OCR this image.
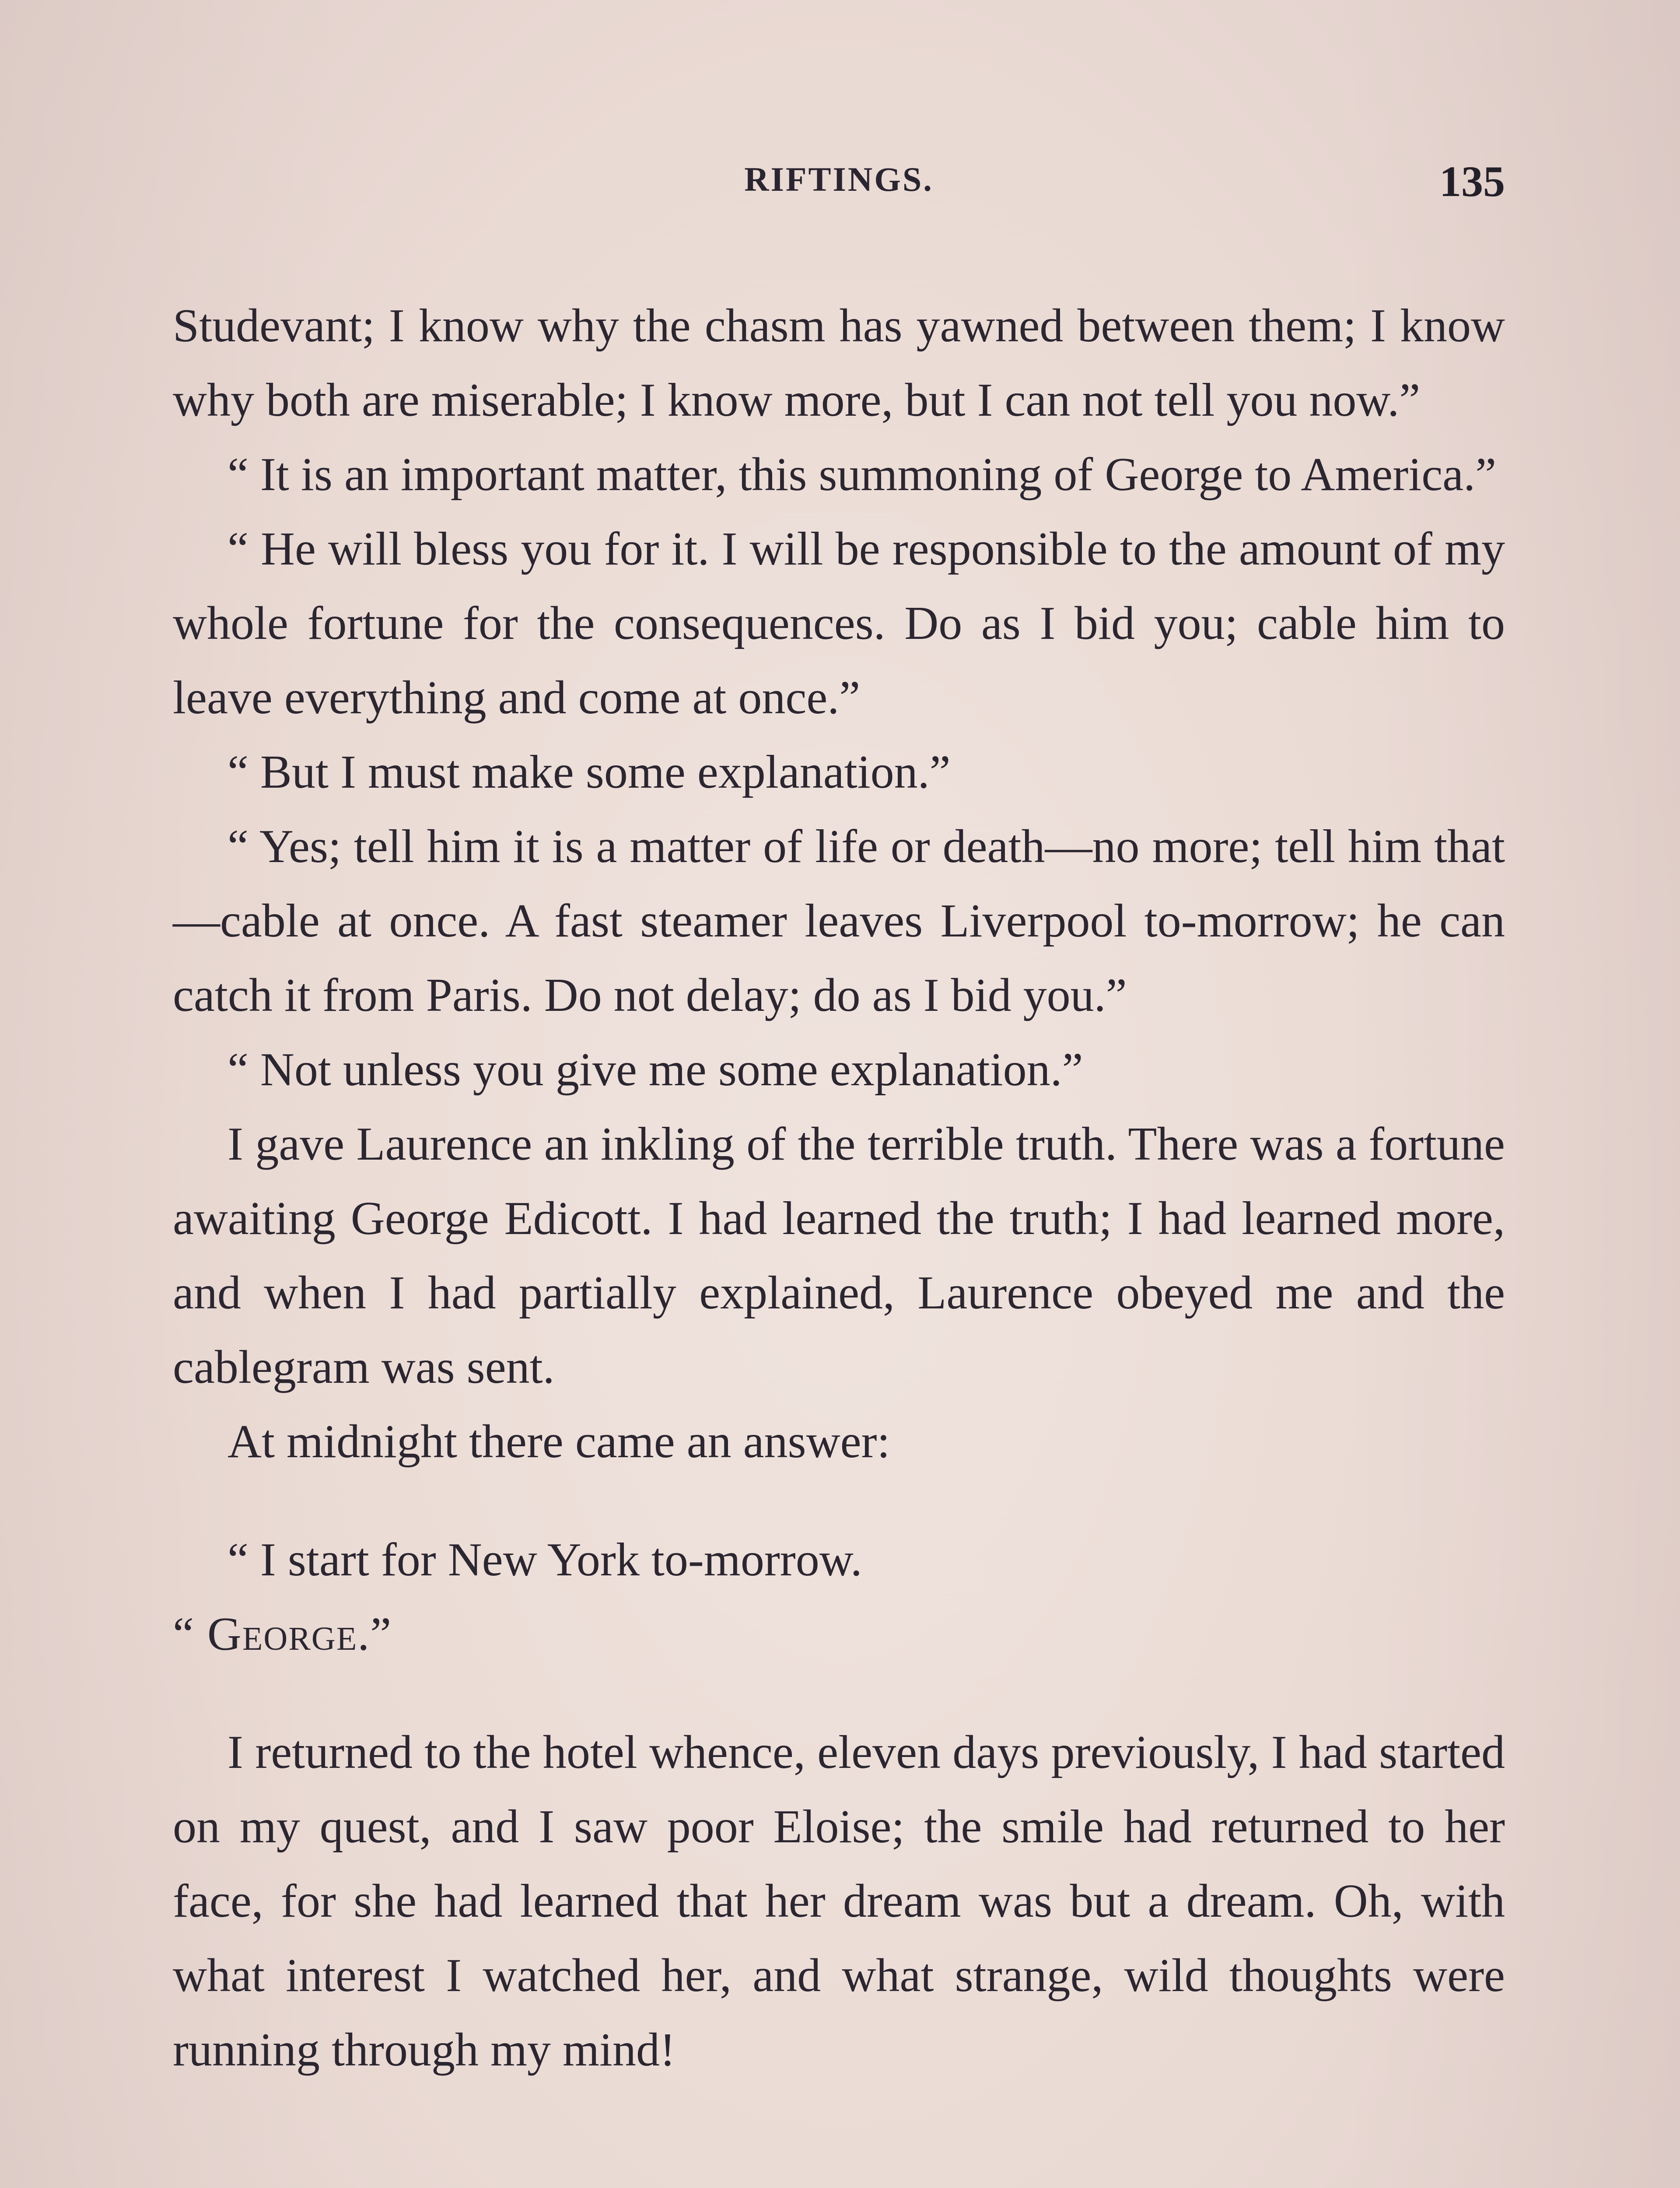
RIFTINGS.	135

Studevant; I know why the chasm has yawned between them; I know why both are miserable; I know more, but I can not tell you now.”

“ It is an important matter, this summoning of George to America.”

“ He will bless you for it. I will be responsible to the amount of my whole fortune for the consequences. Do as I bid you; cable him to leave everything and come at once.”

“ But I must make some explanation.”

“ Yes; tell him it is a matter of life or death—no more; tell him that—cable at once. A fast steamer leaves Liverpool to-morrow; he can catch it from Paris. Do not delay; do as I bid you.”

“ Not unless you give me some explanation.”

I gave Laurence an inkling of the terrible truth. There was a fortune awaiting George Edicott. I had learned the truth; I had learned more, and when I had partially explained, Laurence obeyed me and the cablegram was sent.

At midnight there came an answer:

“ I start for New York to-morrow.

“ George.”

I returned to the hotel whence, eleven days previously, I had started on my quest, and I saw poor Eloise; the smile had returned to her face, for she had learned that her dream was but a dream. Oh, with what interest I watched her, and what strange, wild thoughts were running through my mind!
